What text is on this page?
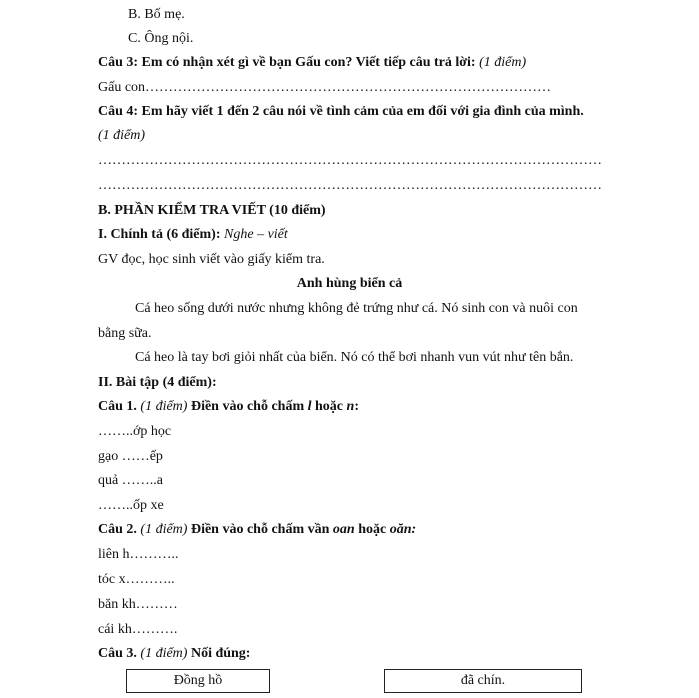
B. Bố mẹ.
C. Ông nội.
Câu 3: Em có nhận xét gì về bạn Gấu con? Viết tiếp câu trả lời: (1 điểm)
Gấu con……………………………………………………………………………
Câu 4: Em hãy viết 1 đến 2 câu nói về tình cảm của em đối với gia đình của mình.
(1 điểm)
………………………………………………………………………………………………
………………………………………………………………………………………………
B. PHẦN KIỂM TRA VIẾT (10 điểm)
I. Chính tả (6 điểm): Nghe – viết
GV đọc, học sinh viết vào giấy kiểm tra.
Anh hùng biển cả
Cá heo sống dưới nước nhưng không đẻ trứng như cá. Nó sinh con và nuôi con
bằng sữa.
Cá heo là tay bơi giỏi nhất của biển. Nó có thể bơi nhanh vun vút như tên bắn.
II. Bài tập (4 điểm):
Câu 1. (1 điểm) Điền vào chỗ chấm l hoặc n:
……..ớp học
gạo ……ếp
quả ……..a
……..ốp xe
Câu 2. (1 điểm) Điền vào chỗ chấm vần oan hoặc oăn:
liên h………..
tóc x………..
băn kh………
cái kh……….
Câu 3. (1 điểm) Nối đúng:
Đồng hồ	đã chín.
